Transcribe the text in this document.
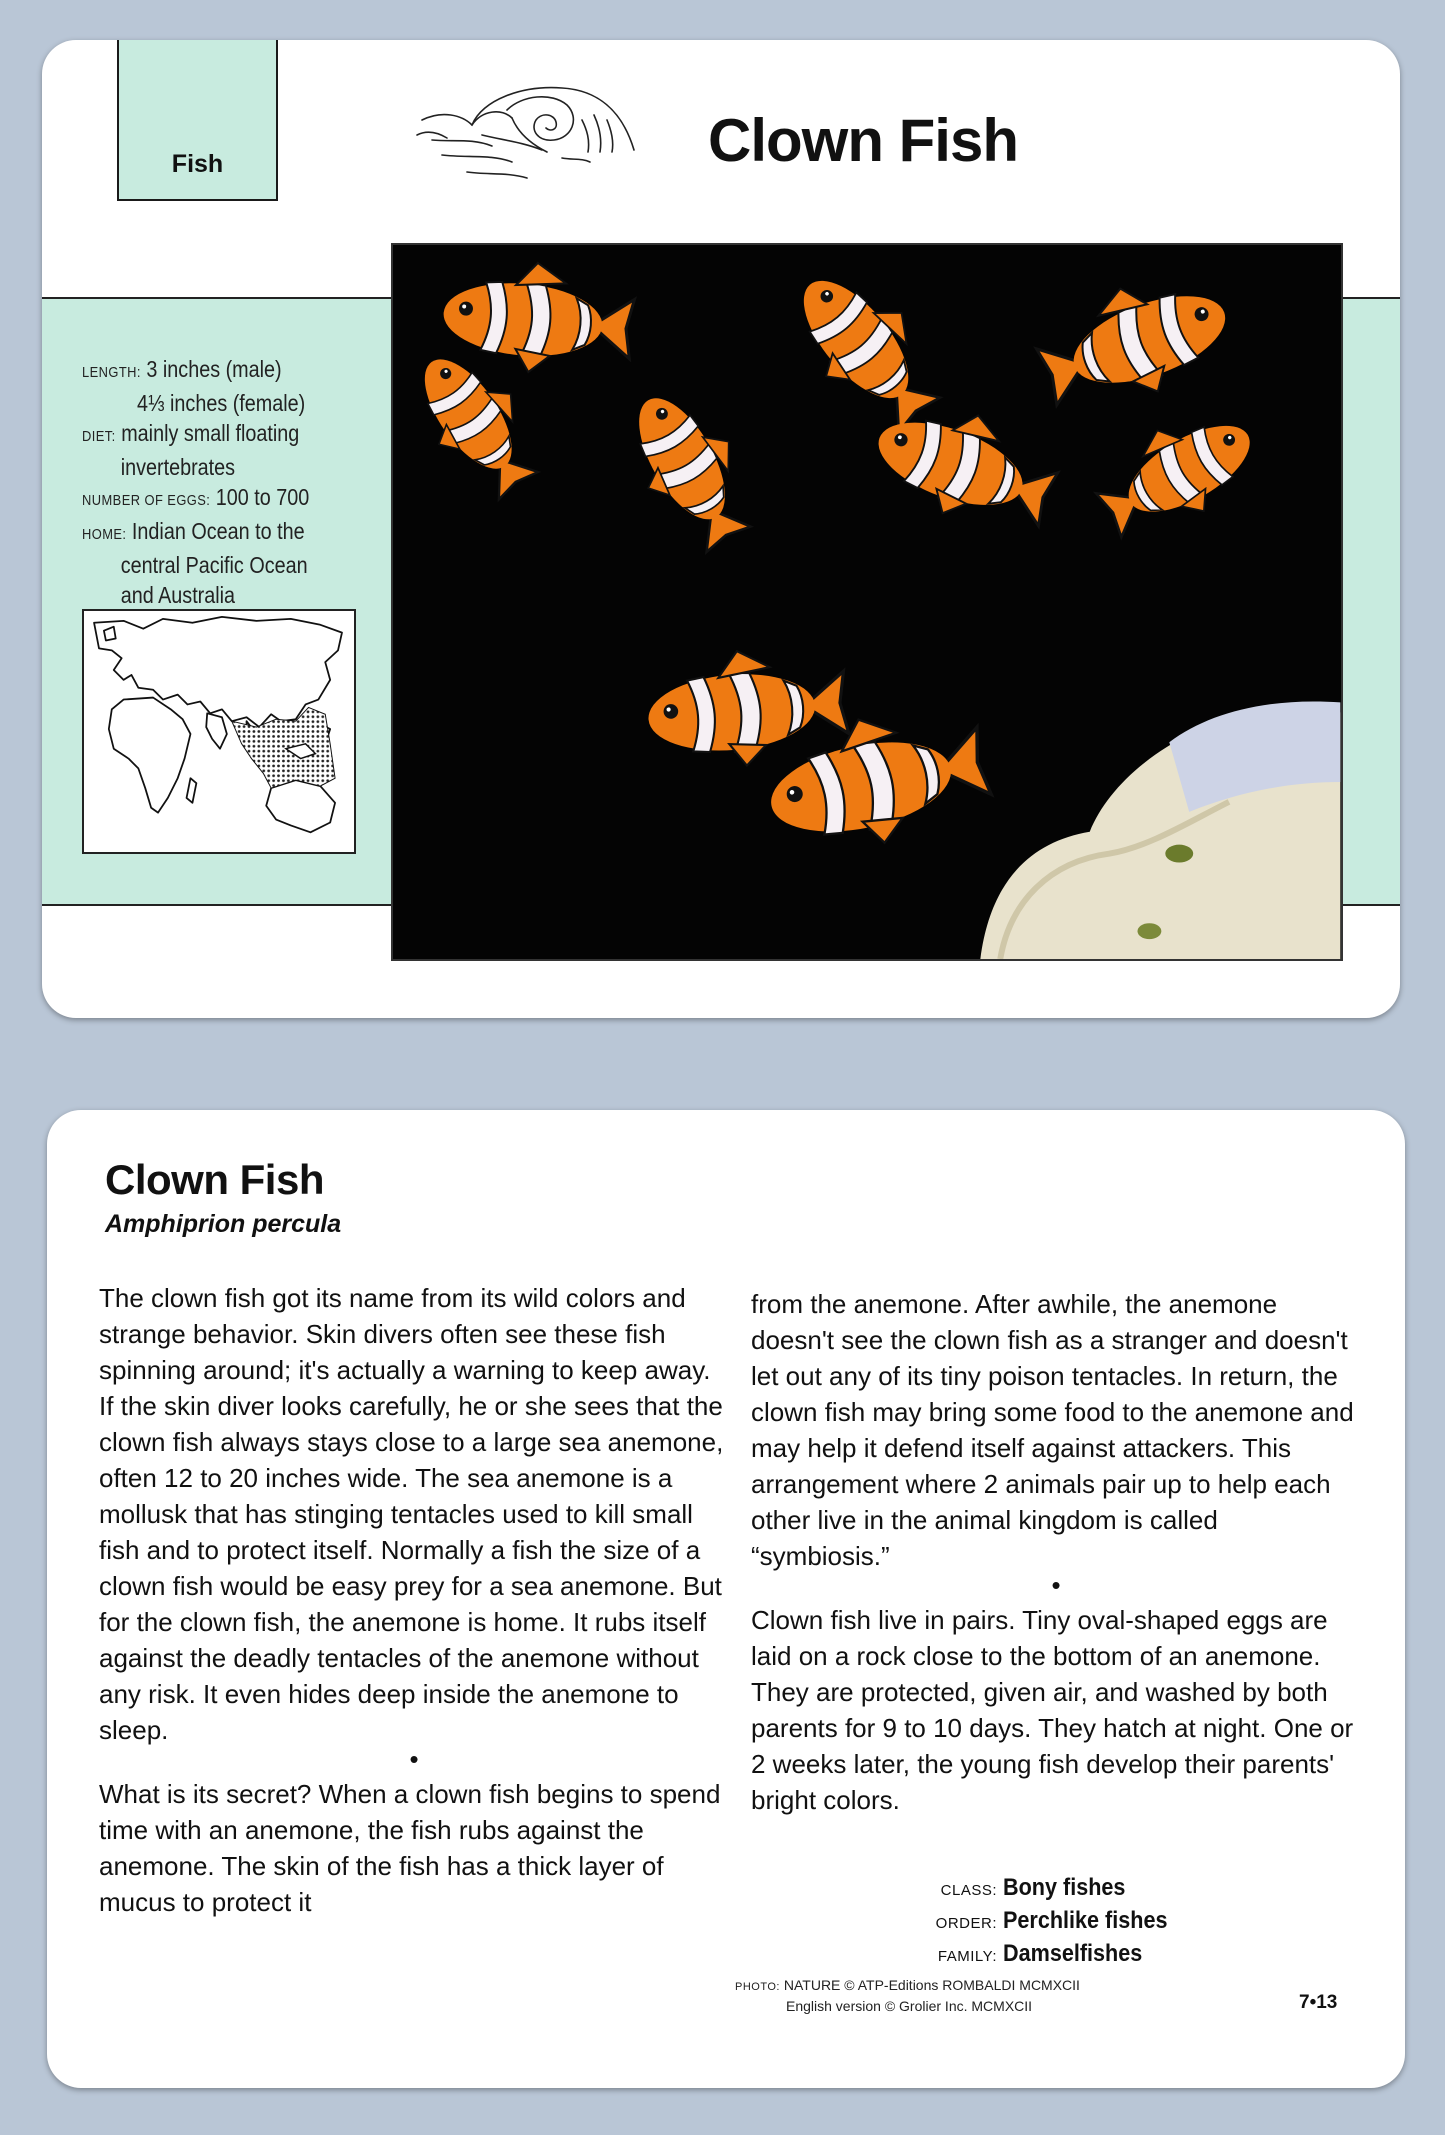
Fish	Clown Fish
LENGTH: 3 inches (male)
4⅓ inches (female)
DIET: mainly small floating
invertebrates
NUMBER OF EGGS: 100 to 700
HOME: Indian Ocean to the
central Pacific Ocean
and Australia
Clown Fish
Amphiprion percula

The clown fish got its name from its wild colors and strange behavior. Skin divers often see these fish spinning around; it's actually a warning to keep away. If the skin diver looks carefully, he or she sees that the clown fish always stays close to a large sea anemone, often 12 to 20 inches wide. The sea anemone is a mollusk that has stinging tentacles used to kill small fish and to protect itself. Normally a fish the size of a clown fish would be easy prey for a sea anemone. But for the clown fish, the anemone is home. It rubs itself against the deadly tentacles of the anemone without any risk. It even hides deep inside the anemone to sleep.

•

What is its secret? When a clown fish begins to spend time with an anemone, the fish rubs against the anemone. The skin of the fish has a thick layer of mucus to protect it

from the anemone. After awhile, the anemone doesn't see the clown fish as a stranger and doesn't let out any of its tiny poison tentacles. In return, the clown fish may bring some food to the anemone and may help it defend itself against attackers. This arrangement where 2 animals pair up to help each other live in the animal kingdom is called “symbiosis.”

•

Clown fish live in pairs. Tiny oval-shaped eggs are laid on a rock close to the bottom of an anemone. They are protected, given air, and washed by both parents for 9 to 10 days. They hatch at night. One or 2 weeks later, the young fish develop their parents' bright colors.

CLASS: Bony fishes
ORDER: Perchlike fishes
FAMILY: Damselfishes
PHOTO: NATURE © ATP-Editions ROMBALDI MCMXCII
English version © Grolier Inc. MCMXCII	7•13
